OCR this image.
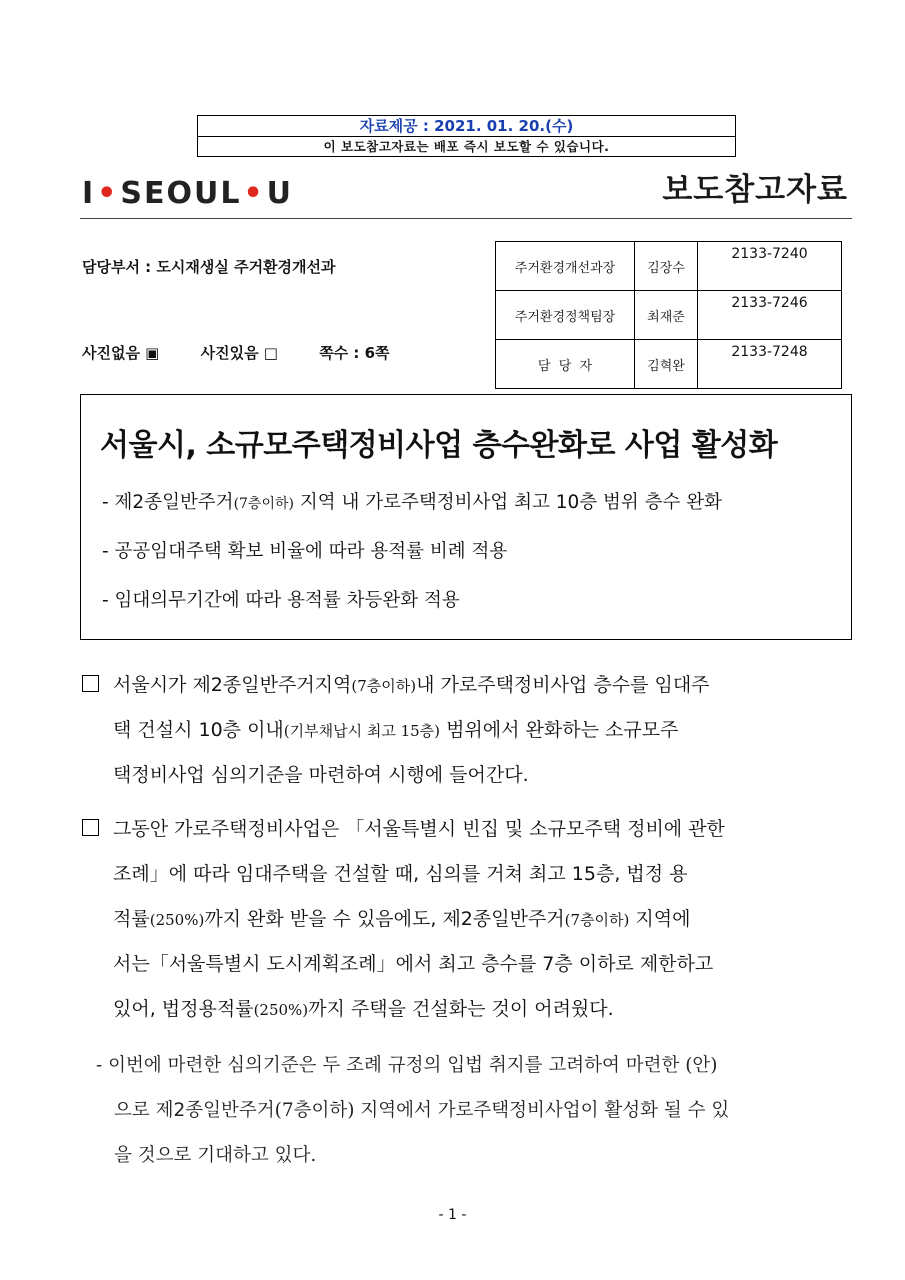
자료제공 : 2021. 01. 20.(수)
이 보도참고자료는 배포 즉시 보도할 수 있습니다.
I•SEOUL•U	보도참고자료
담당부서 : 도시재생실 주거환경개선과
사진없음 ▣	사진있음 □	쪽수 : 6쪽
주거환경개선과장	김장수	2133-7240
주거환경정책팀장	최재준	2133-7246
담  당  자	김혁완	2133-7248
서울시, 소규모주택정비사업 층수완화로 사업 활성화
- 제2종일반주거(7층이하) 지역 내 가로주택정비사업 최고 10층 범위 층수 완화
- 공공임대주택 확보 비율에 따라 용적률 비례 적용
- 임대의무기간에 따라 용적률 차등완화 적용
서울시가 제2종일반주거지역(7층이하)내 가로주택정비사업 층수를 임대주
택 건설시 10층 이내(기부채납시 최고 15층) 범위에서 완화하는 소규모주
택정비사업 심의기준을 마련하여 시행에 들어간다.
그동안 가로주택정비사업은 「서울특별시 빈집 및 소규모주택 정비에 관한
조례」에 따라 임대주택을 건설할 때, 심의를 거쳐 최고 15층, 법정 용
적률(250%)까지 완화 받을 수 있음에도, 제2종일반주거(7층이하) 지역에
서는「서울특별시 도시계획조례」에서 최고 층수를 7층 이하로 제한하고
있어, 법정용적률(250%)까지 주택을 건설화는 것이 어려웠다.
- 이번에 마련한 심의기준은 두 조례 규정의 입법 취지를 고려하여 마련한 (안)
으로 제2종일반주거(7층이하) 지역에서 가로주택정비사업이 활성화 될 수 있
을 것으로 기대하고 있다.
- 1 -
